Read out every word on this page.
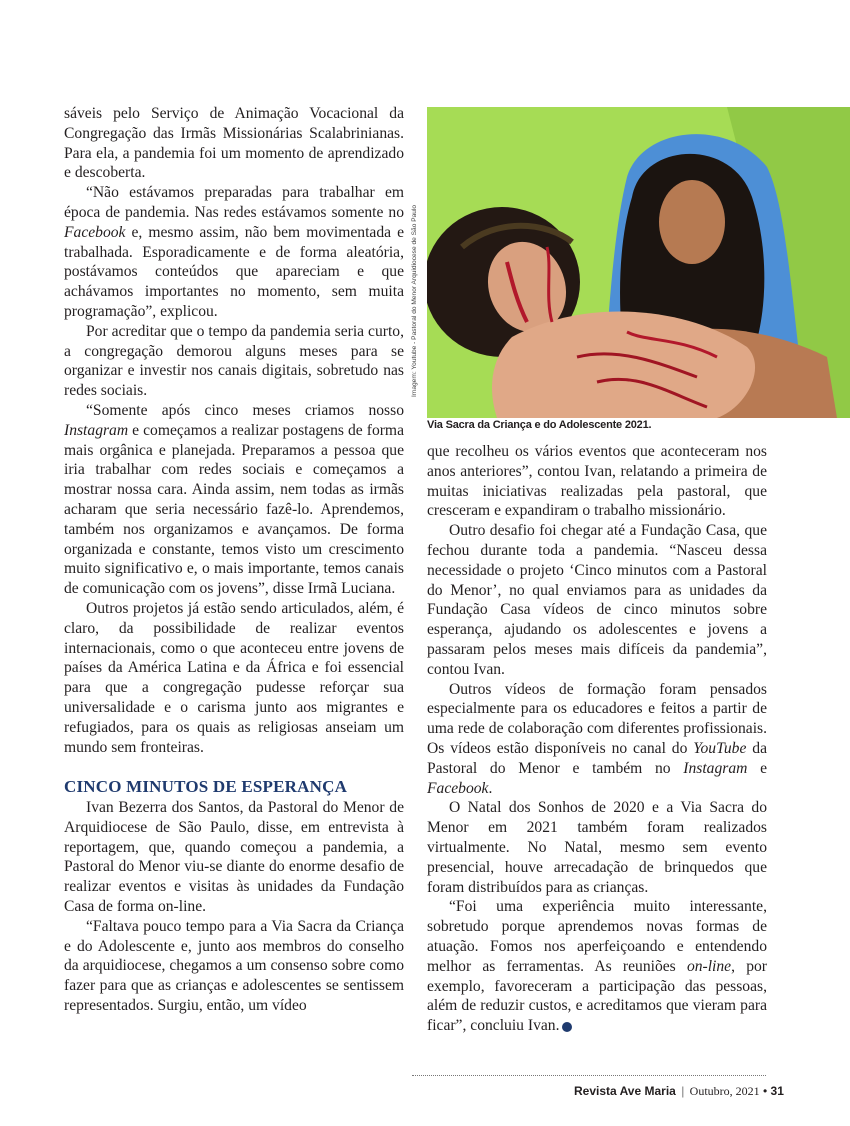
sáveis pelo Serviço de Animação Vocacional da Congregação das Irmãs Missionárias Scalabrinianas. Para ela, a pandemia foi um momento de aprendizado e descoberta.

“Não estávamos preparadas para trabalhar em época de pandemia. Nas redes estávamos somente no Facebook e, mesmo assim, não bem movimentada e trabalhada. Esporadicamente e de forma aleatória, postávamos conteúdos que apareciam e que achávamos importantes no momento, sem muita programação”, explicou.

Por acreditar que o tempo da pandemia seria curto, a congregação demorou alguns meses para se organizar e investir nos canais digitais, sobretudo nas redes sociais.

“Somente após cinco meses criamos nosso Instagram e começamos a realizar postagens de forma mais orgânica e planejada. Preparamos a pessoa que iria trabalhar com redes sociais e começamos a mostrar nossa cara. Ainda assim, nem todas as irmãs acharam que seria necessário fazê-lo. Aprendemos, também nos organizamos e avançamos. De forma organizada e constante, temos visto um crescimento muito significativo e, o mais importante, temos canais de comunicação com os jovens”, disse Irmã Luciana.

Outros projetos já estão sendo articulados, além, é claro, da possibilidade de realizar eventos internacionais, como o que aconteceu entre jovens de países da América Latina e da África e foi essencial para que a congregação pudesse reforçar sua universalidade e o carisma junto aos migrantes e refugiados, para os quais as religiosas anseiam um mundo sem fronteiras.

CINCO MINUTOS DE ESPERANÇA

Ivan Bezerra dos Santos, da Pastoral do Menor de Arquidiocese de São Paulo, disse, em entrevista à reportagem, que, quando começou a pandemia, a Pastoral do Menor viu-se diante do enorme desafio de realizar eventos e visitas às unidades da Fundação Casa de forma on-line.

“Faltava pouco tempo para a Via Sacra da Criança e do Adolescente e, junto aos membros do conselho da arquidiocese, chegamos a um consenso sobre como fazer para que as crianças e adolescentes se sentissem representados. Surgiu, então, um vídeo

Imagem: Youtube - Pastoral do Menor Arquidiocese de São Paulo
Via Sacra da Criança e do Adolescente 2021.

que recolheu os vários eventos que aconteceram nos anos anteriores”, contou Ivan, relatando a primeira de muitas iniciativas realizadas pela pastoral, que cresceram e expandiram o trabalho missionário.

Outro desafio foi chegar até a Fundação Casa, que fechou durante toda a pandemia. “Nasceu dessa necessidade o projeto ‘Cinco minutos com a Pastoral do Menor’, no qual enviamos para as unidades da Fundação Casa vídeos de cinco minutos sobre esperança, ajudando os adolescentes e jovens a passaram pelos meses mais difíceis da pandemia”, contou Ivan.

Outros vídeos de formação foram pensados especialmente para os educadores e feitos a partir de uma rede de colaboração com diferentes profissionais. Os vídeos estão disponíveis no canal do YouTube da Pastoral do Menor e também no Instagram e Facebook.

O Natal dos Sonhos de 2020 e a Via Sacra do Menor em 2021 também foram realizados virtualmente. No Natal, mesmo sem evento presencial, houve arrecadação de brinquedos que foram distribuídos para as crianças.

“Foi uma experiência muito interessante, sobretudo porque aprendemos novas formas de atuação. Fomos nos aperfeiçoando e entendendo melhor as ferramentas. As reuniões on-line, por exemplo, favoreceram a participação das pessoas, além de reduzir custos, e acreditamos que vieram para ficar”, concluiu Ivan.

Revista Ave Maria | Outubro, 2021 • 31
